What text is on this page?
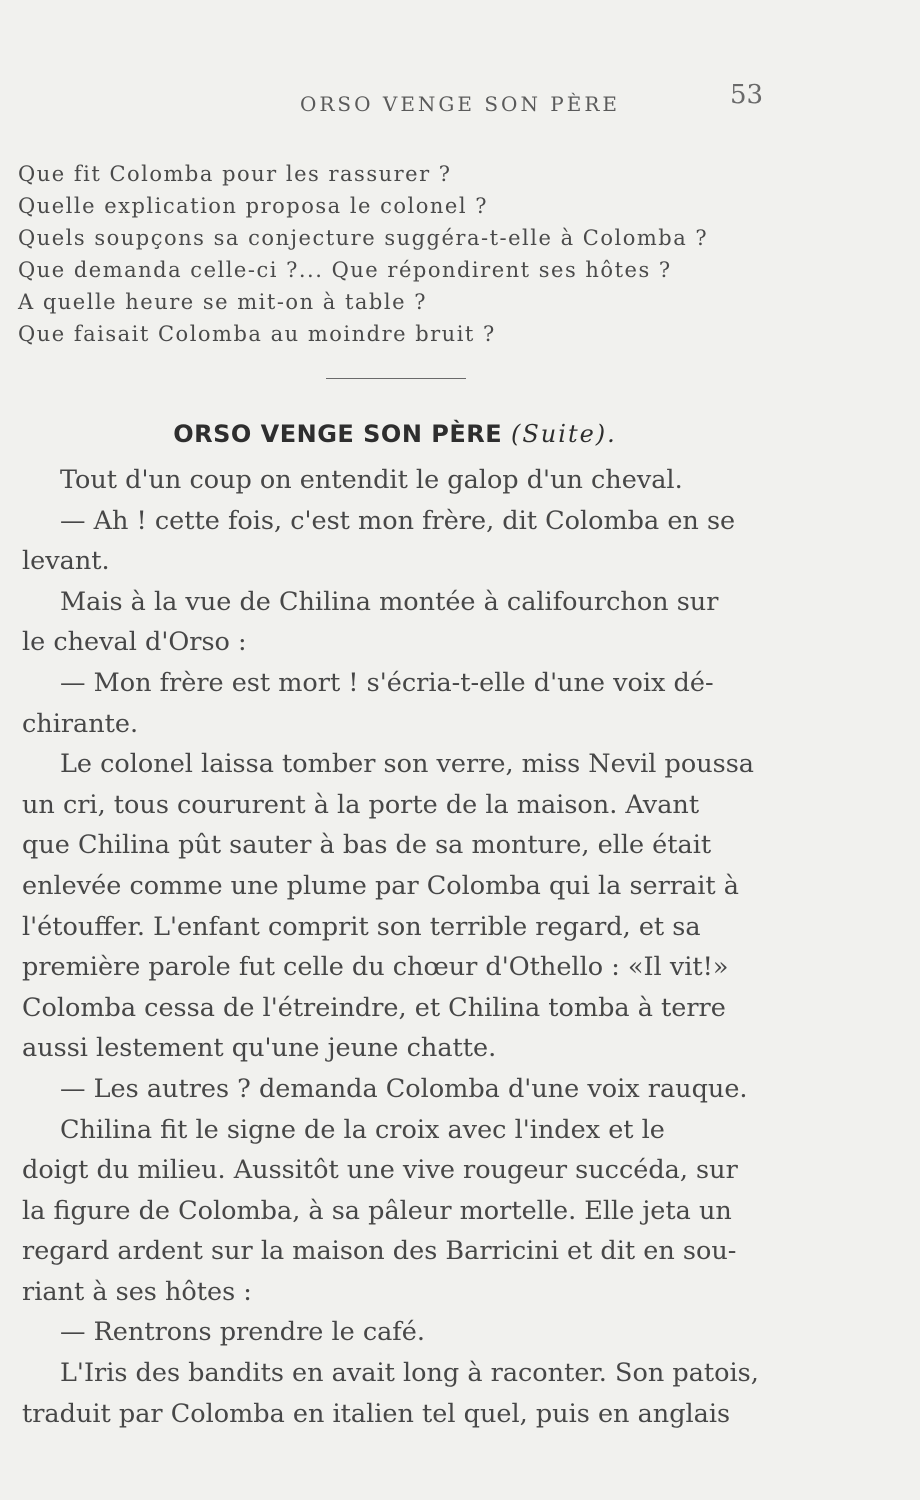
ORSO VENGE SON PÈRE	53
Que fit Colomba pour les rassurer ?
Quelle explication proposa le colonel ?
Quels soupçons sa conjecture suggéra-t-elle à Colomba ?
Que demanda celle-ci ?... Que répondirent ses hôtes ?
A quelle heure se mit-on à table ?
Que faisait Colomba au moindre bruit ?
ORSO VENGE SON PÈRE (Suite).
Tout d'un coup on entendit le galop d'un cheval.
— Ah ! cette fois, c'est mon frère, dit Colomba en se
levant.
Mais à la vue de Chilina montée à califourchon sur
le cheval d'Orso :
— Mon frère est mort ! s'écria-t-elle d'une voix dé-
chirante.
Le colonel laissa tomber son verre, miss Nevil poussa
un cri, tous coururent à la porte de la maison. Avant
que Chilina pût sauter à bas de sa monture, elle était
enlevée comme une plume par Colomba qui la serrait à
l'étouffer. L'enfant comprit son terrible regard, et sa
première parole fut celle du chœur d'Othello : «Il vit!»
Colomba cessa de l'étreindre, et Chilina tomba à terre
aussi lestement qu'une jeune chatte.
— Les autres ? demanda Colomba d'une voix rauque.
Chilina fit le signe de la croix avec l'index et le
doigt du milieu. Aussitôt une vive rougeur succéda, sur
la figure de Colomba, à sa pâleur mortelle. Elle jeta un
regard ardent sur la maison des Barricini et dit en sou-
riant à ses hôtes :
— Rentrons prendre le café.
L'Iris des bandits en avait long à raconter. Son patois,
traduit par Colomba en italien tel quel, puis en anglais
